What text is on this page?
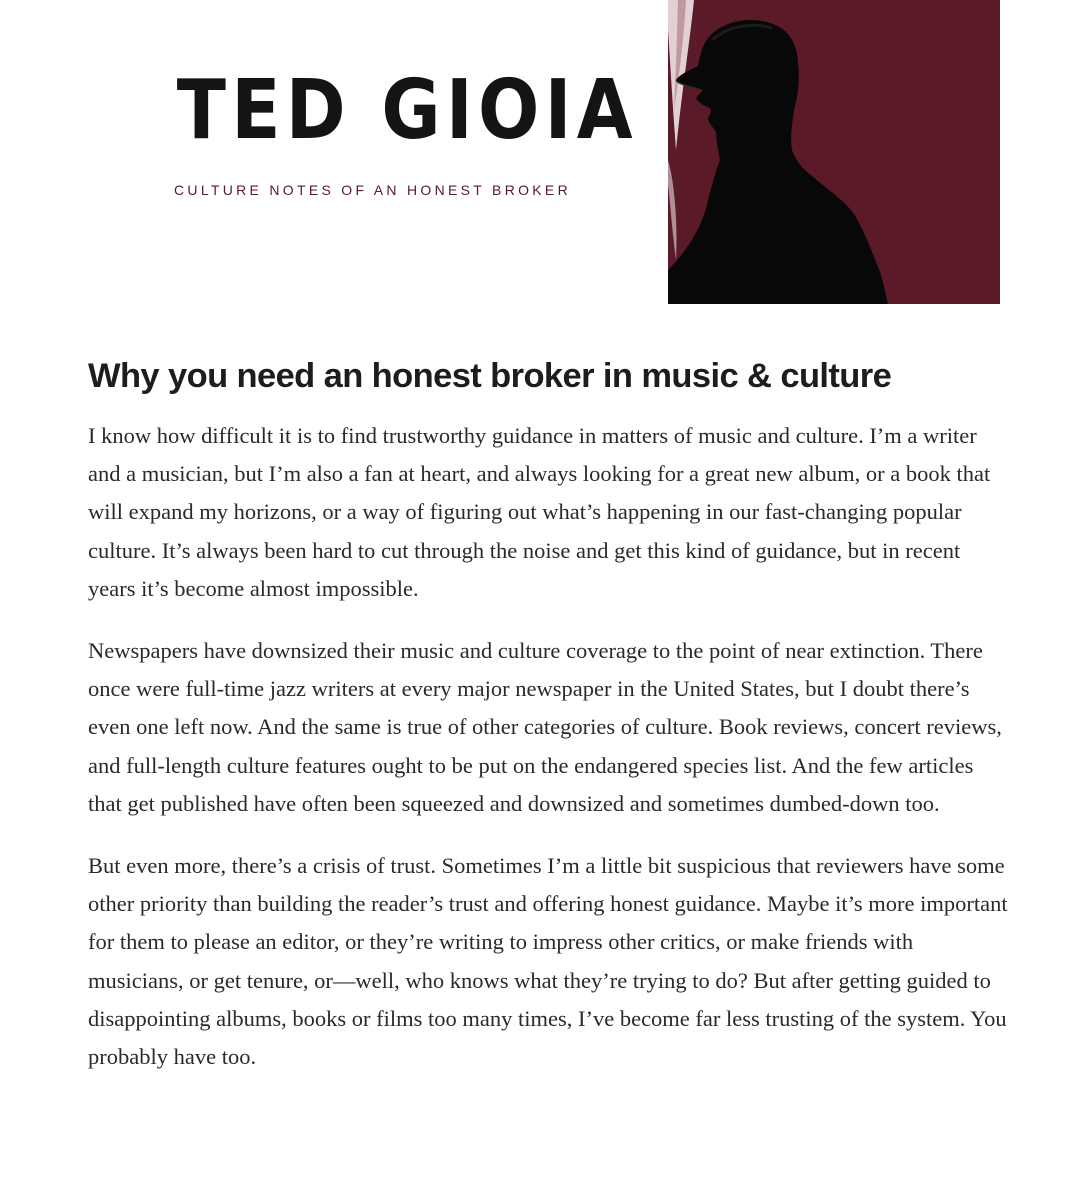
TED GIOIA
CULTURE NOTES OF AN HONEST BROKER
Why you need an honest broker in music & culture

I know how difficult it is to find trustworthy guidance in matters of music and culture. I’m a writer and a musician, but I’m also a fan at heart, and always looking for a great new album, or a book that will expand my horizons, or a way of figuring out what’s happening in our fast-changing popular culture. It’s always been hard to cut through the noise and get this kind of guidance, but in recent years it’s become almost impossible.

Newspapers have downsized their music and culture coverage to the point of near extinction. There once were full-time jazz writers at every major newspaper in the United States, but I doubt there’s even one left now. And the same is true of other categories of culture. Book reviews, concert reviews, and full-length culture features ought to be put on the endangered species list. And the few articles that get published have often been squeezed and downsized and sometimes dumbed-down too.

But even more, there’s a crisis of trust. Sometimes I’m a little bit suspicious that reviewers have some other priority than building the reader’s trust and offering honest guidance. Maybe it’s more important for them to please an editor, or they’re writing to impress other critics, or make friends with musicians, or get tenure, or—well, who knows what they’re trying to do? But after getting guided to disappointing albums, books or films too many times, I’ve become far less trusting of the system. You probably have too.
